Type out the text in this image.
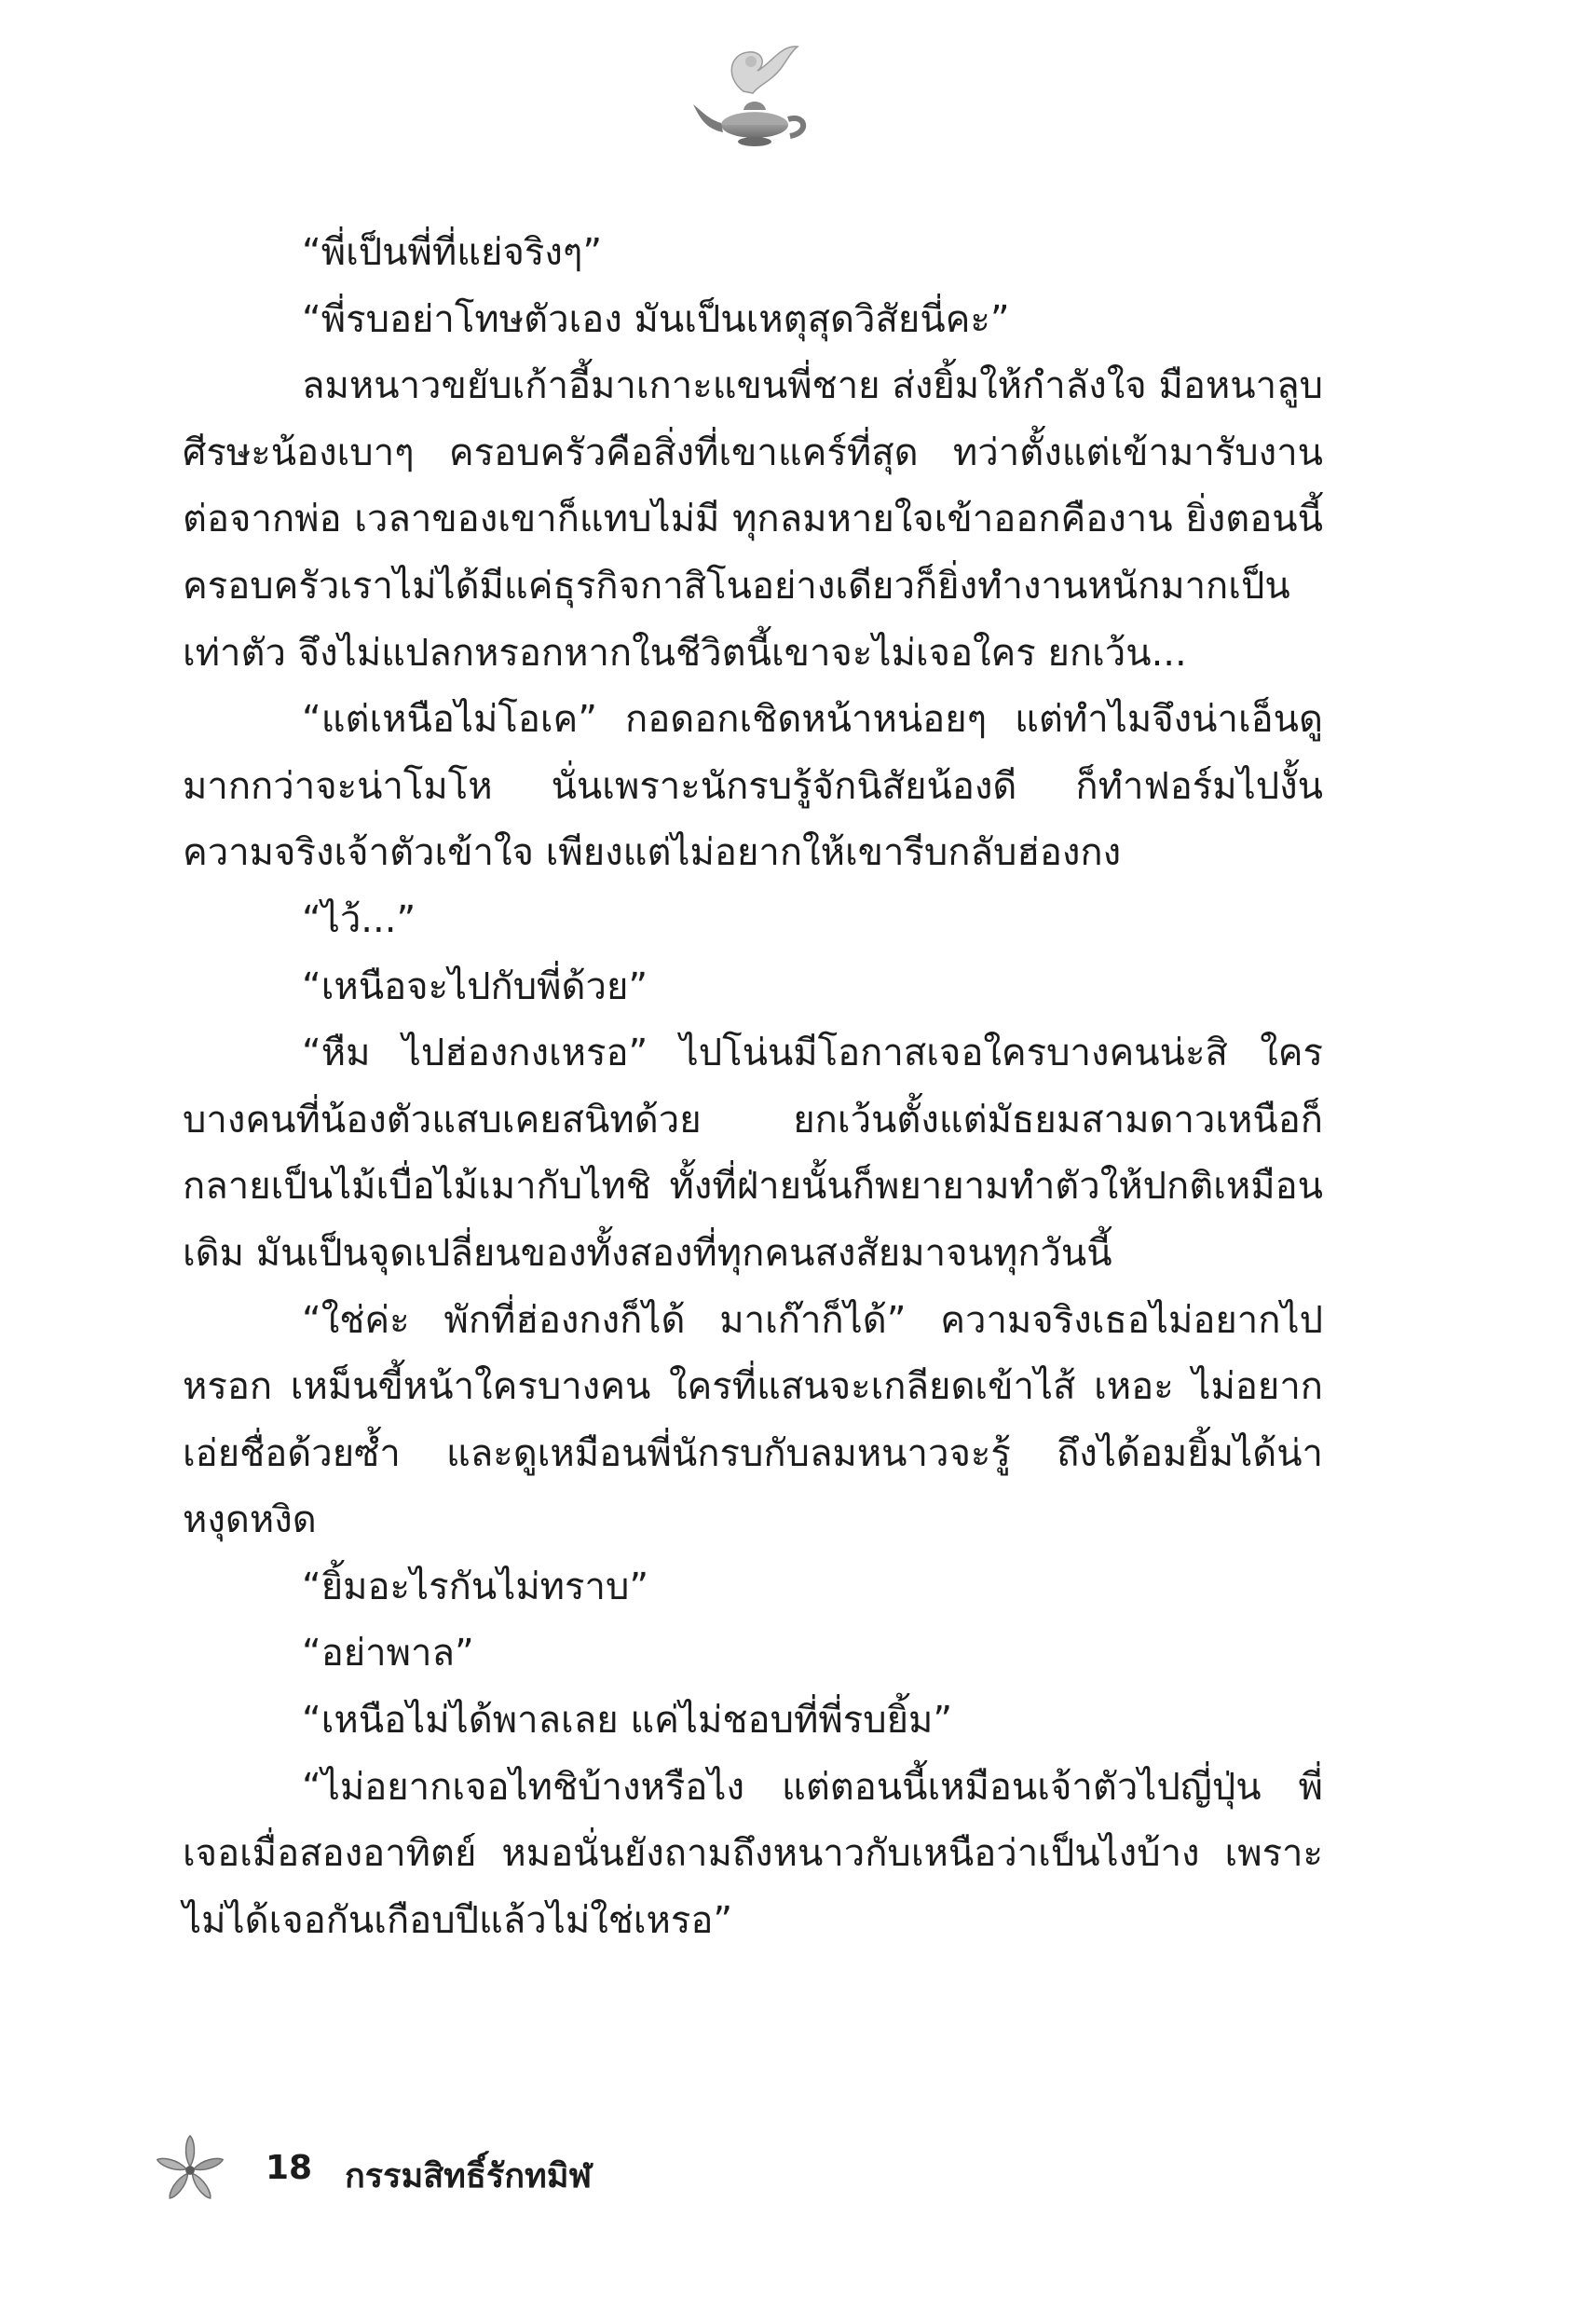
“พี่เป็นพี่ที่แย่จริงๆ”

“พี่รบอย่าโทษตัวเอง มันเป็นเหตุสุดวิสัยนี่คะ”

ลมหนาวขยับเก้าอี้มาเกาะแขนพี่ชาย ส่งยิ้มให้กำลังใจ มือหนาลูบศีรษะน้องเบาๆ ครอบครัวคือสิ่งที่เขาแคร์ที่สุด ทว่าตั้งแต่เข้ามารับงานต่อจากพ่อ เวลาของเขาก็แทบไม่มี ทุกลมหายใจเข้าออกคืองาน ยิ่งตอนนี้ครอบครัวเราไม่ได้มีแค่ธุรกิจกาสิโนอย่างเดียวก็ยิ่งทำงานหนักมากเป็นเท่าตัว จึงไม่แปลกหรอกหากในชีวิตนี้เขาจะไม่เจอใคร ยกเว้น...

“แต่เหนือไม่โอเค” กอดอกเชิดหน้าหน่อยๆ แต่ทำไมจึงน่าเอ็นดูมากกว่าจะน่าโมโห นั่นเพราะนักรบรู้จักนิสัยน้องดี ก็ทำฟอร์มไปงั้น ความจริงเจ้าตัวเข้าใจ เพียงแต่ไม่อยากให้เขารีบกลับฮ่องกง

“ไว้...”

“เหนือจะไปกับพี่ด้วย”

“หืม ไปฮ่องกงเหรอ” ไปโน่นมีโอกาสเจอใครบางคนน่ะสิ ใครบางคนที่น้องตัวแสบเคยสนิทด้วย ยกเว้นตั้งแต่มัธยมสามดาวเหนือก็กลายเป็นไม้เบื่อไม้เมากับไทชิ ทั้งที่ฝ่ายนั้นก็พยายามทำตัวให้ปกติเหมือนเดิม มันเป็นจุดเปลี่ยนของทั้งสองที่ทุกคนสงสัยมาจนทุกวันนี้

“ใช่ค่ะ พักที่ฮ่องกงก็ได้ มาเก๊าก็ได้” ความจริงเธอไม่อยากไปหรอก เหม็นขี้หน้าใครบางคน ใครที่แสนจะเกลียดเข้าไส้ เหอะ ไม่อยากเอ่ยชื่อด้วยซ้ำ และดูเหมือนพี่นักรบกับลมหนาวจะรู้ ถึงได้อมยิ้มได้น่าหงุดหงิด

“ยิ้มอะไรกันไม่ทราบ”

“อย่าพาล”

“เหนือไม่ได้พาลเลย แค่ไม่ชอบที่พี่รบยิ้ม”

“ไม่อยากเจอไทชิบ้างหรือไง แต่ตอนนี้เหมือนเจ้าตัวไปญี่ปุ่น พี่เจอเมื่อสองอาทิตย์ หมอนั่นยังถามถึงหนาวกับเหนือว่าเป็นไงบ้าง เพราะไม่ได้เจอกันเกือบปีแล้วไม่ใช่เหรอ”

18 กรรมสิทธิ์รักทมิฬ
